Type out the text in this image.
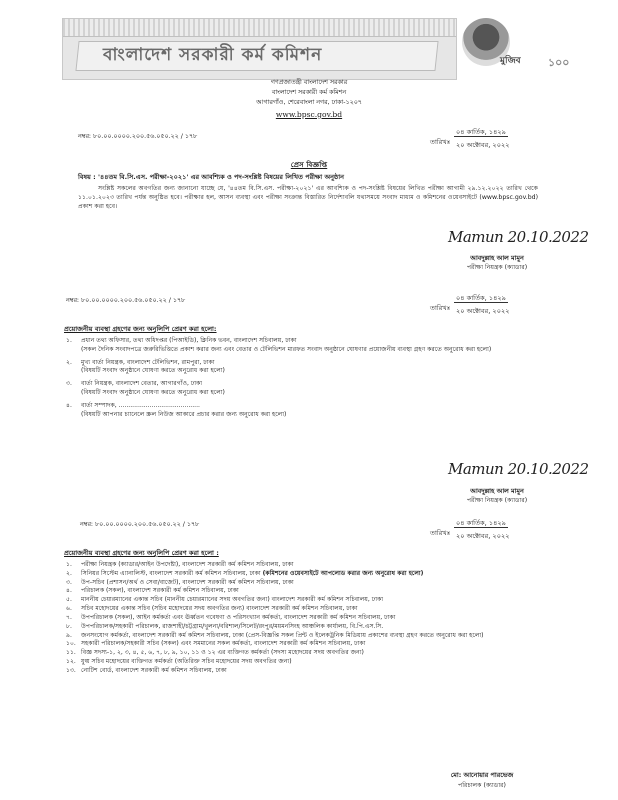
বাংলাদেশ সরকারী কর্ম কমিশন	মুজিব ১০০
গণপ্রজাতন্ত্রী বাংলাদেশ সরকার
বাংলাদেশ সরকারী কর্ম কমিশন
আগারগাঁও, শেরেবাংলা নগর, ঢাকা-১২০৭
www.bpsc.gov.bd
নম্বর: ৮০.০০.০০০০.২০০.৫৬.০৫০.২২ / ১৭৮
তারিখঃ
০৪ কার্তিক, ১৪২৯
২০ অক্টোবর, ২০২২
প্রেস বিজ্ঞপ্তি
বিষয় : '৪৪তম বি.সি.এস. পরীক্ষা-২০২১' এর আবশ্যিক ও পদ-সংশ্লিষ্ট বিষয়ের লিখিত পরীক্ষা অনুষ্ঠান
সংশ্লিষ্ট সকলের অবগতির জন্য জানানো যাচ্ছে যে, '৪৪তম বি.সি.এস. পরীক্ষা-২০২১' এর আবশ্যিক ও পদ-সংশ্লিষ্ট বিষয়ের লিখিত পরীক্ষা আগামী ২৯.১২.২০২২ তারিখ থেকে ১১.০১.২০২৩ তারিখ পর্যন্ত অনুষ্ঠিত হবে। পরীক্ষার হল, আসন ব্যবস্থা এবং পরীক্ষা সংক্রান্ত বিস্তারিত নির্দেশাবলি যথাসময়ে সংবাদ মাধ্যম ও কমিশনের ওয়েবসাইটে (www.bpsc.gov.bd) প্রকাশ করা হবে।
Mamun 20.10.2022
আবদুল্লাহ আল মামুন
পরীক্ষা নিয়ন্ত্রক (ক্যাডার)
নম্বর: ৮০.০০.০০০০.২০০.৫৬.০৫০.২২ / ১৭৮
তারিখঃ
০৪ কার্তিক, ১৪২৯
২০ অক্টোবর, ২০২২
প্রয়োজনীয় ব্যবস্থা গ্রহণের জন্য অনুলিপি প্রেরণ করা হলো:
১. প্রধান তথ্য অফিসার, তথ্য অধিদপ্তর (পিআইডি), ক্লিনিক ভবন, বাংলাদেশ সচিবালয়, ঢাকা
(সকল দৈনিক সংবাদপত্রে জরুরিভিত্তিতে প্রকাশ করার জন্য এবং বেতার ও টেলিভিশন মারফত সংবাদ অনুষ্ঠানে ঘোষণার প্রয়োজনীয় ব্যবস্থা গ্রহণ করতে অনুরোধ করা হলো)
২. মুখ্য বার্তা নিয়ন্ত্রক, বাংলাদেশ টেলিভিশন, রামপুরা, ঢাকা
(বিষয়টি সংবাদ অনুষ্ঠানে ঘোষণা করতে অনুরোধ করা হলো)
৩. বার্তা নিয়ন্ত্রক, বাংলাদেশ বেতার, আগারগাঁও, ঢাকা
(বিষয়টি সংবাদ অনুষ্ঠানে ঘোষণা করতে অনুরোধ করা হলো)
৪. বার্তা সম্পাদক, ..........................................
(বিষয়টি আপনার চ্যানেলে স্ক্রল নিউজ আকারে প্রচার করার জন্য অনুরোধ করা হলো)
Mamun 20.10.2022
আবদুল্লাহ আল মামুন
পরীক্ষা নিয়ন্ত্রক (ক্যাডার)
নম্বর: ৮০.০০.০০০০.২০০.৫৬.০৫০.২২ / ১৭৮
তারিখঃ
০৪ কার্তিক, ১৪২৯
২০ অক্টোবর, ২০২২
প্রয়োজনীয় ব্যবস্থা গ্রহণের জন্য অনুলিপি প্রেরণ করা হলো :
১. পরীক্ষা নিয়ন্ত্রক (ক্যাডার/আইন উপদেষ্টা), বাংলাদেশ সরকারী কর্ম কমিশন সচিবালয়, ঢাকা
২. সিনিয়র সিস্টেম এ্যানালিস্ট, বাংলাদেশ সরকারী কর্ম কমিশন সচিবালয়, ঢাকা (কমিশনের ওয়েবসাইটে আপলোড করার জন্য অনুরোধ করা হলো)
৩. উপ-সচিব (প্রশাসন/অর্থ ও সেবা/বাজেট), বাংলাদেশ সরকারী কর্ম কমিশন সচিবালয়, ঢাকা
৪. পরিচালক (সকল), বাংলাদেশ সরকারী কর্ম কমিশন সচিবালয়, ঢাকা
৫. মাননীয় চেয়ারম্যানের একান্ত সচিব (মাননীয় চেয়ারম্যানের সদয় অবগতির জন্য) বাংলাদেশ সরকারী কর্ম কমিশন সচিবালয়, ঢাকা
৬. সচিব মহোদয়ের একান্ত সচিব (সচিব মহোদয়ের সদয় অবগতির জন্য) বাংলাদেশ সরকারী কর্ম কমিশন সচিবালয়, ঢাকা
৭. উপপরিচালক (সকল), আইন কর্মকর্তা এবং ঊর্ধ্বতন গবেষণা ও পরিসংখ্যান কর্মকর্তা, বাংলাদেশ সরকারী কর্ম কমিশন সচিবালয়, ঢাকা
৮. উপপরিচালক/সহকারী পরিচালক, রাজশাহী/চট্টগ্রাম/খুলনা/বরিশাল/সিলেট/রংপুর/ময়মনসিংহ আঞ্চলিক কার্যালয়, বি.পি.এস.সি.
৯. জনসংযোগ কর্মকর্তা, বাংলাদেশ সরকারী কর্ম কমিশন সচিবালয়, ঢাকা (প্রেস-বিজ্ঞপ্তি সকল প্রিন্ট ও ইলেকট্রনিক মিডিয়ায় প্রকাশের ব্যবস্থা গ্রহণ করতে অনুরোধ করা হলো)
১০. সহকারী পরিচালক/সহকারী সচিব (সকল) এবং সমমানের সকল কর্মকর্তা, বাংলাদেশ সরকারী কর্ম কমিশন সচিবালয়, ঢাকা
১১. বিজ্ঞ সদস্য-১, ২, ৩, ৪, ৫, ৬, ৭, ৮, ৯, ১০, ১১ ও ১২ এর ব্যক্তিগত কর্মকর্তা (সদস্য মহোদয়ের সদয় অবগতির জন্য)
১২. যুগ্ম সচিব মহোদয়ের ব্যক্তিগত কর্মকর্তা (অতিরিক্ত সচিব মহোদয়ের সদয় অবগতির জন্য)
১৩. নোটিশ বোর্ড, বাংলাদেশ সরকারী কর্ম কমিশন সচিবালয়, ঢাকা
মো: আনোয়ার পারভেজ
পরিচালক (ক্যাডার)
